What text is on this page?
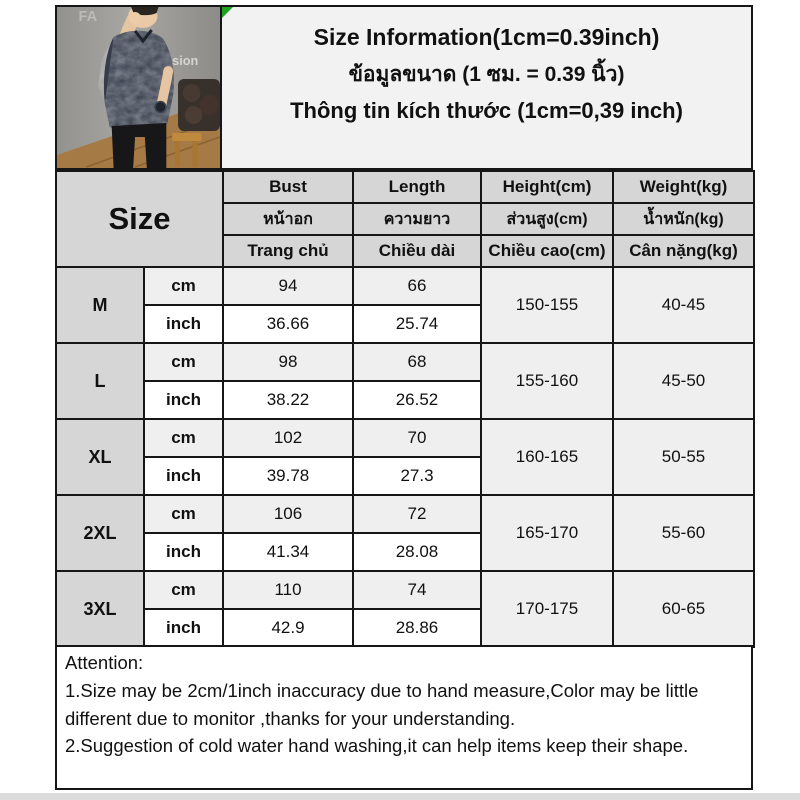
FA
sion
Size Information(1cm=0.39inch)
ข้อมูลขนาด (1 ซม. = 0.39 นิ้ว)
Thông tin kích thước (1cm=0,39 inch)
Size		Bust	Length	Height(cm)	Weight(kg)
		หน้าอก	ความยาว	ส่วนสูง(cm)	น้ำหนัก(kg)
		Trang chủ	Chiều dài	Chiều cao(cm)	Cân nặng(kg)
M	cm	94	66	150-155	40-45
	inch	36.66	25.74		
L	cm	98	68	155-160	45-50
	inch	38.22	26.52		
XL	cm	102	70	160-165	50-55
	inch	39.78	27.3		
2XL	cm	106	72	165-170	55-60
	inch	41.34	28.08		
3XL	cm	110	74	170-175	60-65
	inch	42.9	28.86		
Attention:
1.Size may be 2cm/1inch inaccuracy due to hand measure,Color may be little different due to monitor ,thanks for your understanding.
2.Suggestion of cold water hand washing,it can help items keep their shape.
